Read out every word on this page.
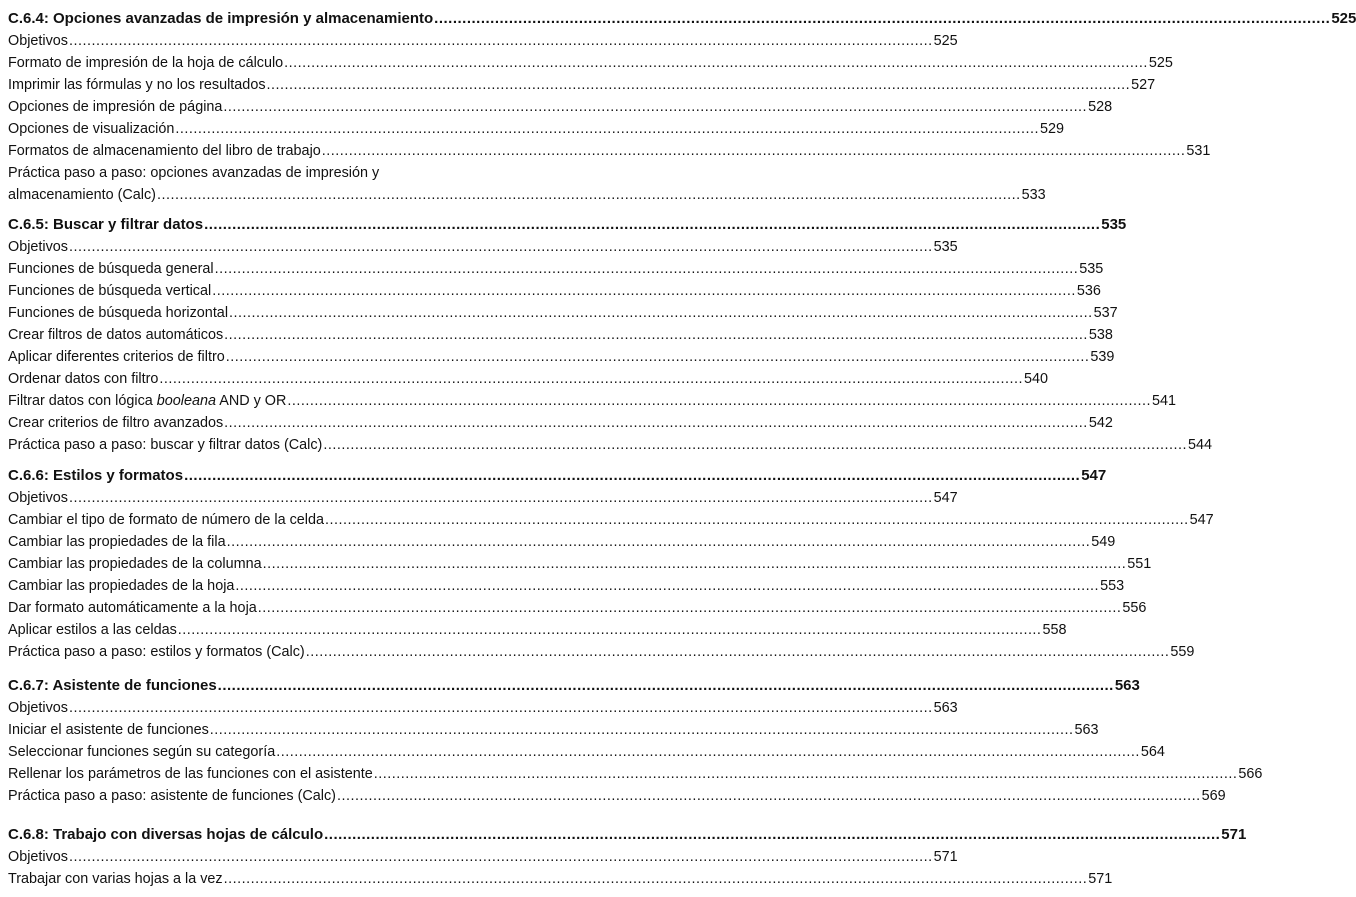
C.6.4: Opciones avanzadas de impresión y almacenamiento .....	525
Objetivos .....	525
Formato de impresión de la hoja de cálculo .....	525
Imprimir las fórmulas y no los resultados .....	527
Opciones de impresión de página .....	528
Opciones de visualización .....	529
Formatos de almacenamiento del libro de trabajo .....	531
Práctica paso a paso: opciones avanzadas de impresión y
almacenamiento (Calc) .....	533
C.6.5: Buscar y filtrar datos .....	535
Objetivos .....	535
Funciones de búsqueda general .....	535
Funciones de búsqueda vertical .....	536
Funciones de búsqueda horizontal .....	537
Crear filtros de datos automáticos .....	538
Aplicar diferentes criterios de filtro .....	539
Ordenar datos con filtro .....	540
Filtrar datos con lógica booleana AND y OR .....	541
Crear criterios de filtro avanzados .....	542
Práctica paso a paso: buscar y filtrar datos (Calc) .....	544
C.6.6: Estilos y formatos .....	547
Objetivos .....	547
Cambiar el tipo de formato de número de la celda .....	547
Cambiar las propiedades de la fila .....	549
Cambiar las propiedades de la columna .....	551
Cambiar las propiedades de la hoja .....	553
Dar formato automáticamente a la hoja .....	556
Aplicar estilos a las celdas .....	558
Práctica paso a paso: estilos y formatos (Calc) .....	559
C.6.7: Asistente de funciones .....	563
Objetivos .....	563
Iniciar el asistente de funciones .....	563
Seleccionar funciones según su categoría .....	564
Rellenar los parámetros de las funciones con el asistente .....	566
Práctica paso a paso: asistente de funciones (Calc) .....	569
C.6.8: Trabajo con diversas hojas de cálculo .....	571
Objetivos .....	571
Trabajar con varias hojas a la vez .....	571
